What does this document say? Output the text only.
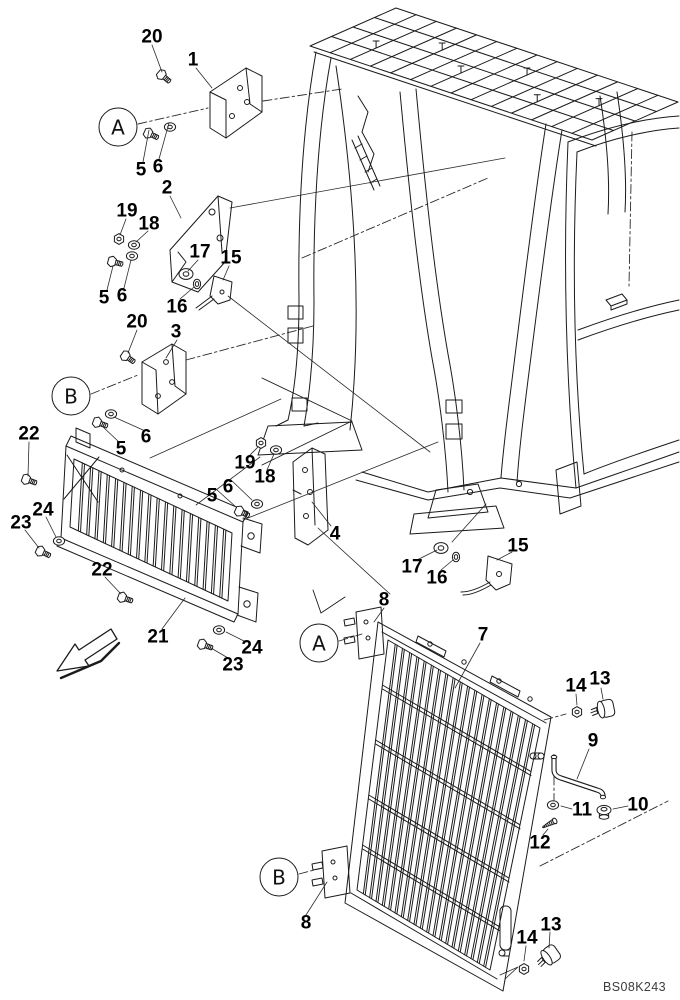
20
1
5 6
2
19
18
17 15
5 6
16
20 3
22	6
5
19
18
6
5
24
23
4
15
17
22	16
8
7
21
24
23
13
14
9
11 10
12
8	13
14
A
B
A
B
BS08K243
